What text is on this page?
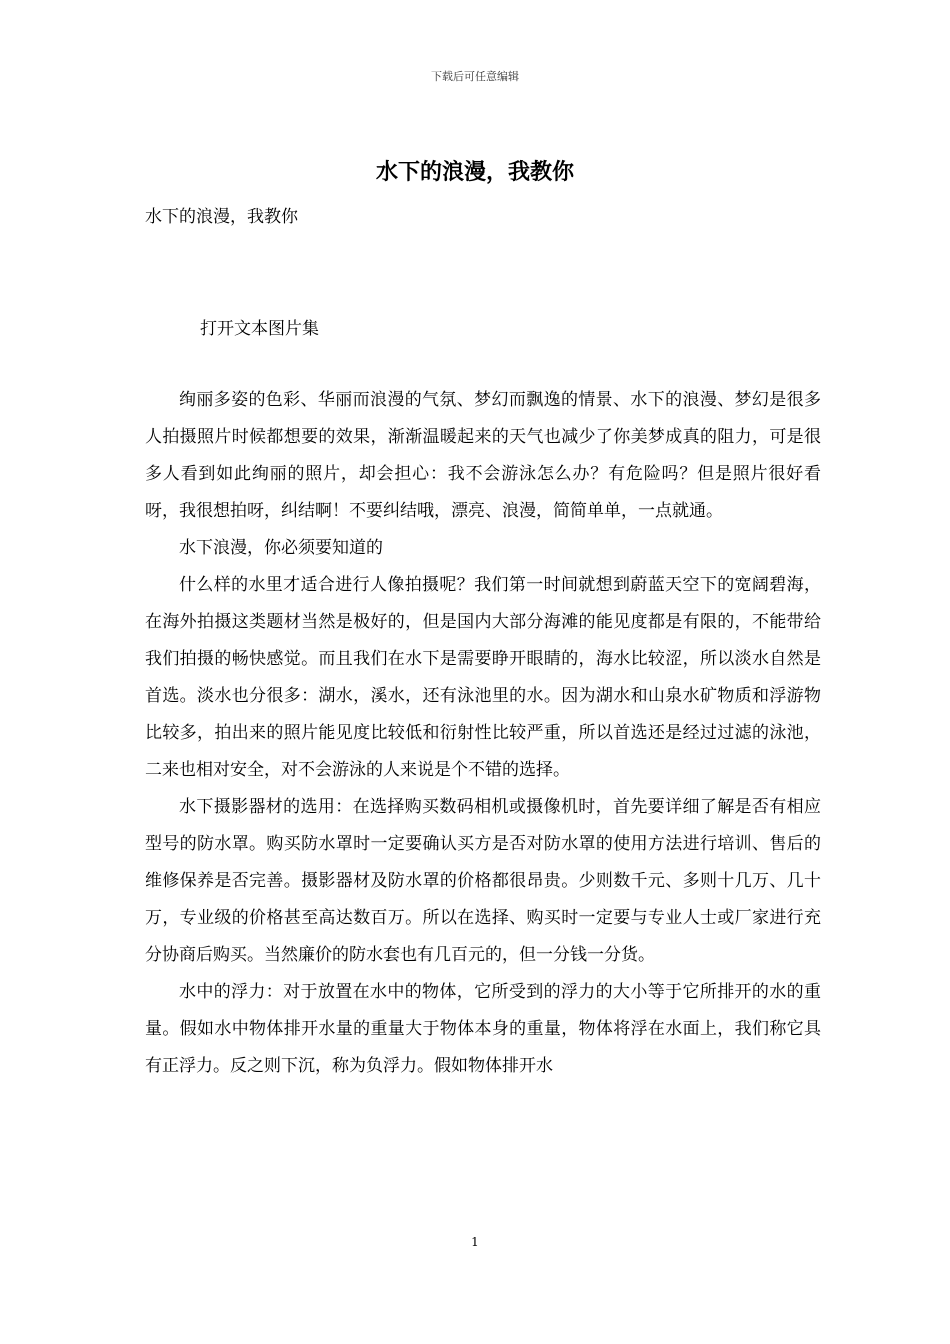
下载后可任意编辑
水下的浪漫，我教你
水下的浪漫，我教你
打开文本图片集

绚丽多姿的色彩、华丽而浪漫的气氛、梦幻而飘逸的情景、水下的浪漫、梦幻是很多人拍摄照片时候都想要的效果，渐渐温暖起来的天气也减少了你美梦成真的阻力，可是很多人看到如此绚丽的照片，却会担心：我不会游泳怎么办？有危险吗？但是照片很好看呀，我很想拍呀，纠结啊！不要纠结哦，漂亮、浪漫，简简单单，一点就通。

水下浪漫，你必须要知道的

什么样的水里才适合进行人像拍摄呢？我们第一时间就想到蔚蓝天空下的宽阔碧海，在海外拍摄这类题材当然是极好的，但是国内大部分海滩的能见度都是有限的，不能带给我们拍摄的畅快感觉。而且我们在水下是需要睁开眼睛的，海水比较涩，所以淡水自然是首选。淡水也分很多：湖水，溪水，还有泳池里的水。因为湖水和山泉水矿物质和浮游物比较多，拍出来的照片能见度比较低和衍射性比较严重，所以首选还是经过过滤的泳池，二来也相对安全，对不会游泳的人来说是个不错的选择。

水下摄影器材的选用：在选择购买数码相机或摄像机时，首先要详细了解是否有相应型号的防水罩。购买防水罩时一定要确认买方是否对防水罩的使用方法进行培训、售后的维修保养是否完善。摄影器材及防水罩的价格都很昂贵。少则数千元、多则十几万、几十万，专业级的价格甚至高达数百万。所以在选择、购买时一定要与专业人士或厂家进行充分协商后购买。当然廉价的防水套也有几百元的，但一分钱一分货。

水中的浮力：对于放置在水中的物体，它所受到的浮力的大小等于它所排开的水的重量。假如水中物体排开水量的重量大于物体本身的重量，物体将浮在水面上，我们称它具有正浮力。反之则下沉，称为负浮力。假如物体排开水

1
